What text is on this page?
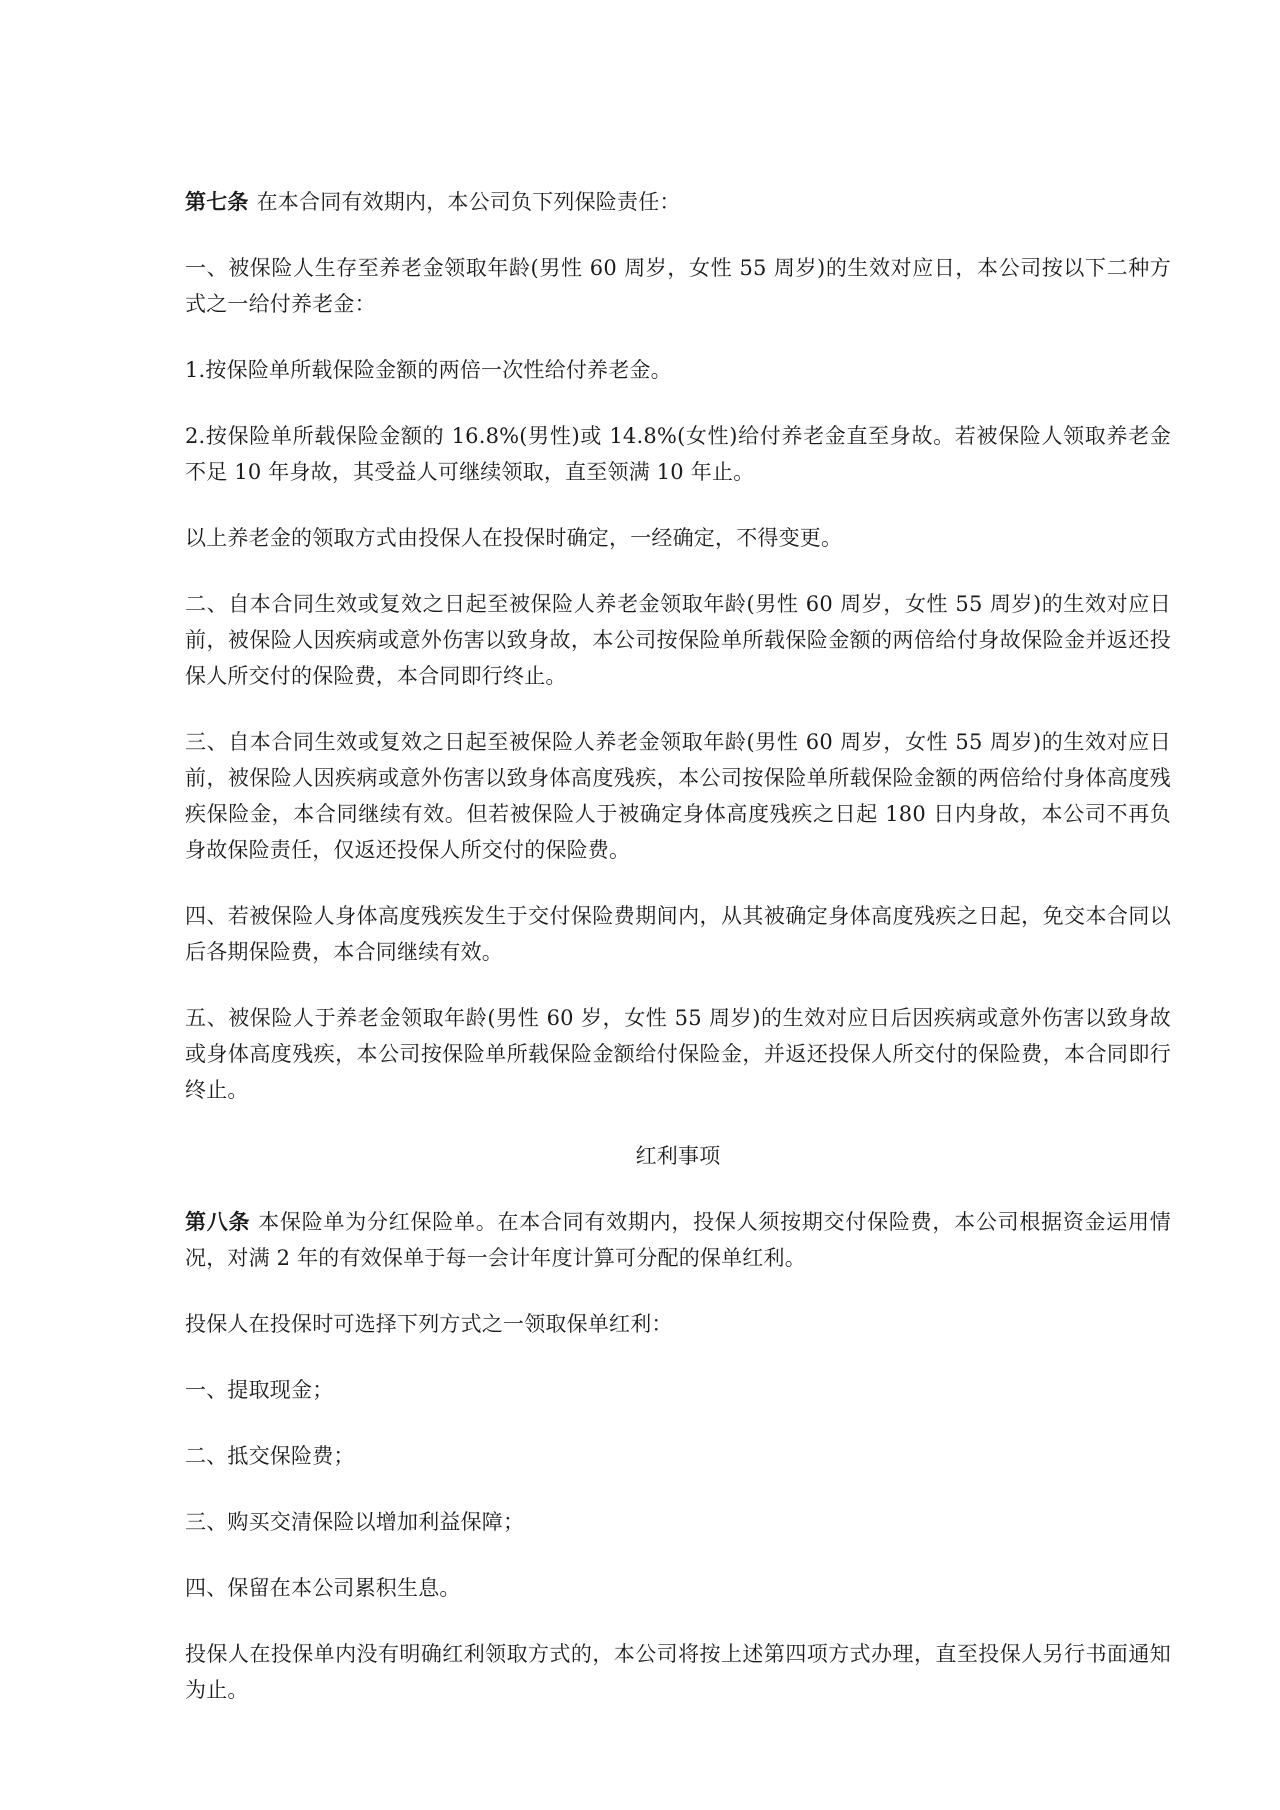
第七条 在本合同有效期内，本公司负下列保险责任：

一、被保险人生存至养老金领取年龄(男性 60 周岁，女性 55 周岁)的生效对应日，本公司按以下二种方式之一给付养老金：

1.按保险单所载保险金额的两倍一次性给付养老金。

2.按保险单所载保险金额的 16.8%(男性)或 14.8%(女性)给付养老金直至身故。若被保险人领取养老金不足 10 年身故，其受益人可继续领取，直至领满 10 年止。

以上养老金的领取方式由投保人在投保时确定，一经确定，不得变更。

二、自本合同生效或复效之日起至被保险人养老金领取年龄(男性 60 周岁，女性 55 周岁)的生效对应日前，被保险人因疾病或意外伤害以致身故，本公司按保险单所载保险金额的两倍给付身故保险金并返还投保人所交付的保险费，本合同即行终止。

三、自本合同生效或复效之日起至被保险人养老金领取年龄(男性 60 周岁，女性 55 周岁)的生效对应日前，被保险人因疾病或意外伤害以致身体高度残疾，本公司按保险单所载保险金额的两倍给付身体高度残疾保险金，本合同继续有效。但若被保险人于被确定身体高度残疾之日起 180 日内身故，本公司不再负身故保险责任，仅返还投保人所交付的保险费。

四、若被保险人身体高度残疾发生于交付保险费期间内，从其被确定身体高度残疾之日起，免交本合同以后各期保险费，本合同继续有效。

五、被保险人于养老金领取年龄(男性 60 岁，女性 55 周岁)的生效对应日后因疾病或意外伤害以致身故或身体高度残疾，本公司按保险单所载保险金额给付保险金，并返还投保人所交付的保险费，本合同即行终止。

红利事项

第八条 本保险单为分红保险单。在本合同有效期内，投保人须按期交付保险费，本公司根据资金运用情况，对满 2 年的有效保单于每一会计年度计算可分配的保单红利。

投保人在投保时可选择下列方式之一领取保单红利：

一、提取现金；

二、抵交保险费；

三、购买交清保险以增加利益保障；

四、保留在本公司累积生息。

投保人在投保单内没有明确红利领取方式的，本公司将按上述第四项方式办理，直至投保人另行书面通知为止。
